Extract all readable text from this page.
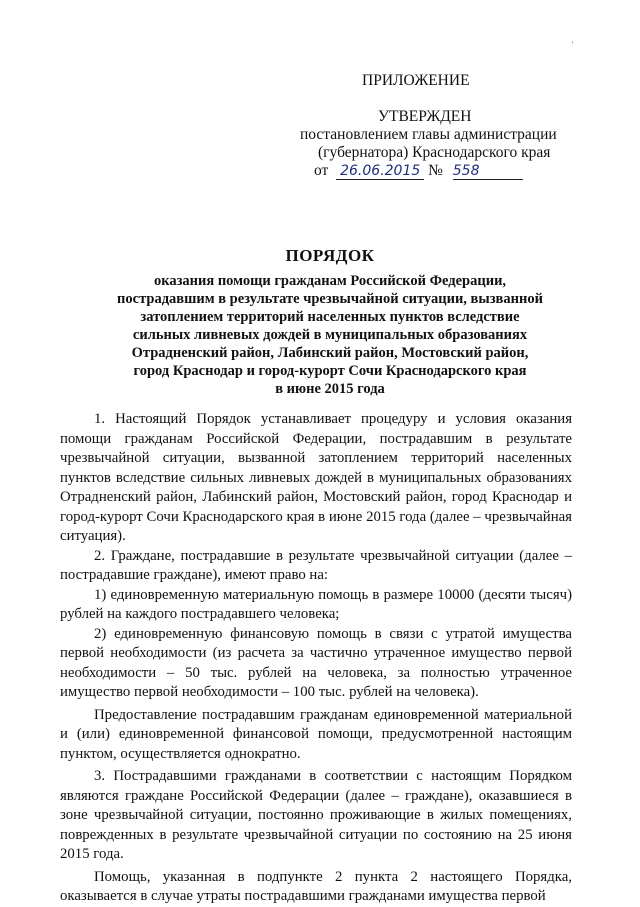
'
ПРИЛОЖЕНИЕ
УТВЕРЖДЕН
постановлением главы администрации
(губернатора) Краснодарского края
от 26.06.2015 № 558
ПОРЯДОК
оказания помощи гражданам Российской Федерации,
пострадавшим в результате чрезвычайной ситуации, вызванной
затоплением территорий населенных пунктов вследствие
сильных ливневых дождей в муниципальных образованиях
Отрадненский район, Лабинский район, Мостовский район,
город Краснодар и город-курорт Сочи Краснодарского края
в июне 2015 года

1. Настоящий Порядок устанавливает процедуру и условия оказания помощи гражданам Российской Федерации, пострадавшим в результате чрезвычайной ситуации, вызванной затоплением территорий населенных пунктов вследствие сильных ливневых дождей в муниципальных образованиях Отрадненский район, Лабинский район, Мостовский район, город Краснодар и город-курорт Сочи Краснодарского края в июне 2015 года (далее – чрезвычайная ситуация).

2. Граждане, пострадавшие в результате чрезвычайной ситуации (далее – пострадавшие граждане), имеют право на:

1) единовременную материальную помощь в размере 10000 (десяти тысяч) рублей на каждого пострадавшего человека;

2) единовременную финансовую помощь в связи с утратой имущества первой необходимости (из расчета за частично утраченное имущество первой необходимости – 50 тыс. рублей на человека, за полностью утраченное имущество первой необходимости – 100 тыс. рублей на человека).

Предоставление пострадавшим гражданам единовременной материальной и (или) единовременной финансовой помощи, предусмотренной настоящим пунктом, осуществляется однократно.

3. Пострадавшими гражданами в соответствии с настоящим Порядком являются граждане Российской Федерации (далее – граждане), оказавшиеся в зоне чрезвычайной ситуации, постоянно проживающие в жилых помещениях, поврежденных в результате чрезвычайной ситуации по состоянию на 25 июня 2015 года.

Помощь, указанная в подпункте 2 пункта 2 настоящего Порядка, оказывается в случае утраты пострадавшими гражданами имущества первой
